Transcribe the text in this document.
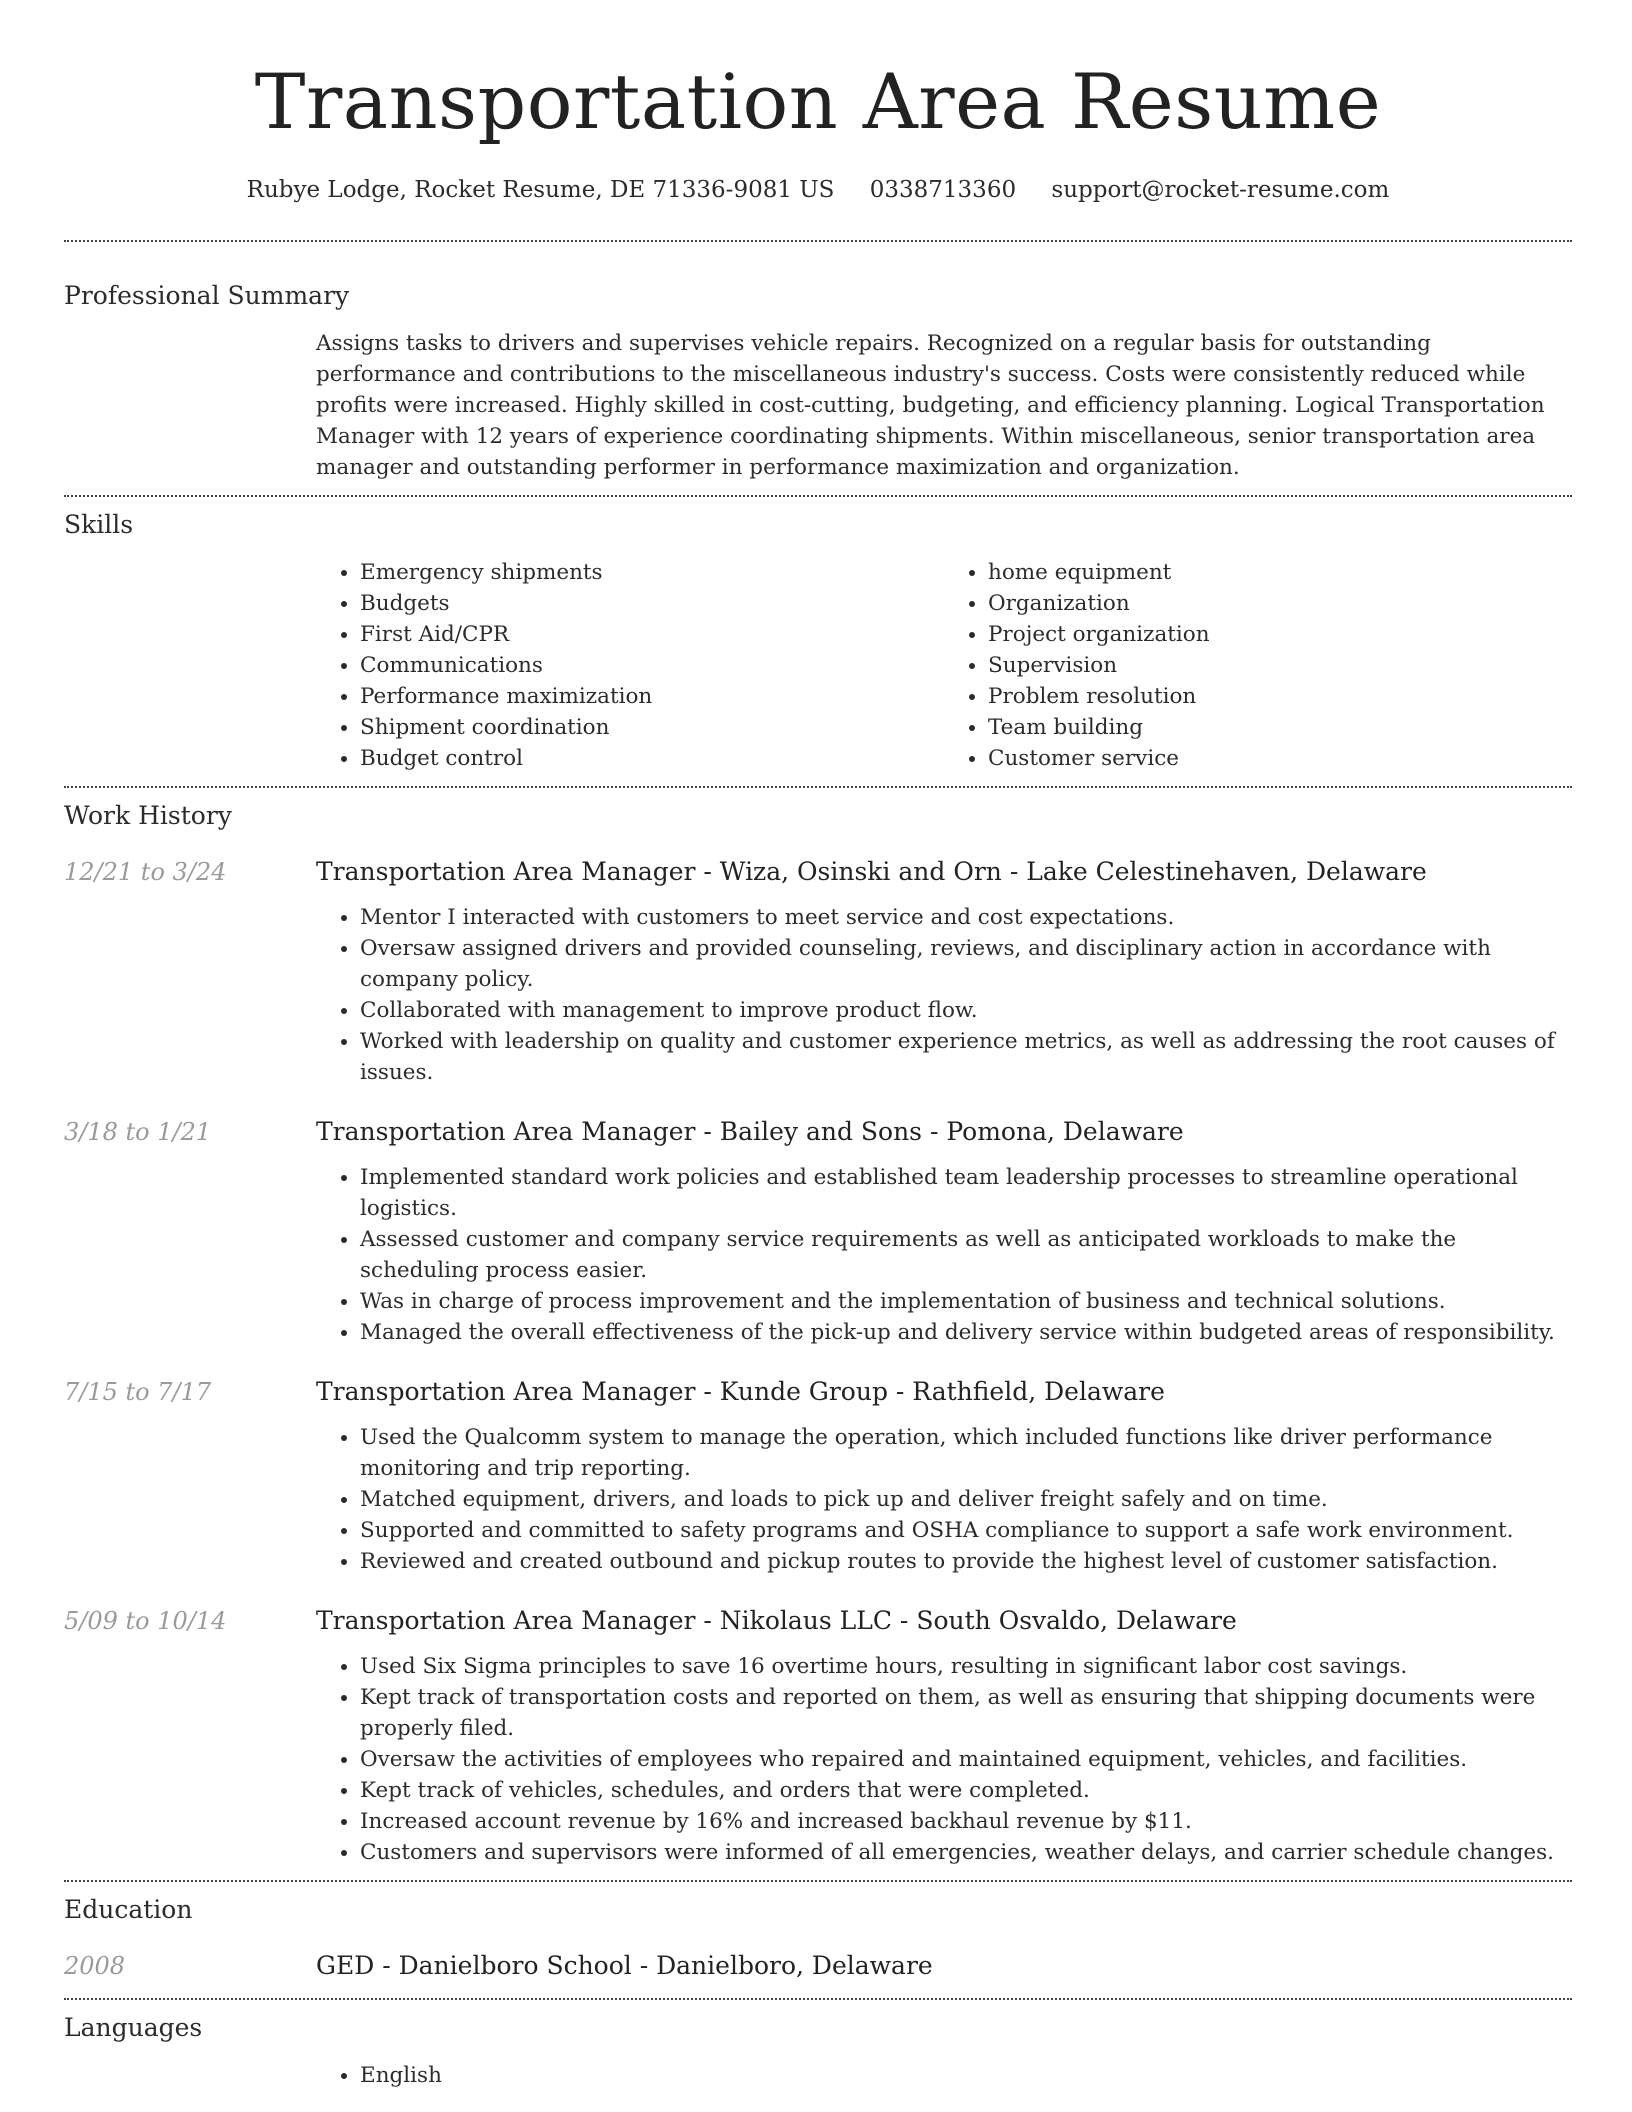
Transportation Area Resume
Rubye Lodge, Rocket Resume, DE 71336-9081 US 0338713360 support@rocket-resume.com
Professional Summary

Assigns tasks to drivers and supervises vehicle repairs. Recognized on a regular basis for outstanding performance and contributions to the miscellaneous industry's success. Costs were consistently reduced while profits were increased. Highly skilled in cost-cutting, budgeting, and efficiency planning. Logical Transportation Manager with 12 years of experience coordinating shipments. Within miscellaneous, senior transportation area manager and outstanding performer in performance maximization and organization.

Skills
• Emergency shipments
• Budgets
• First Aid/CPR
• Communications
• Performance maximization
• Shipment coordination
• Budget control
• home equipment
• Organization
• Project organization
• Supervision
• Problem resolution
• Team building
• Customer service
Work History
12/21 to 3/24	Transportation Area Manager - Wiza, Osinski and Orn - Lake Celestinehaven, Delaware
• Mentor I interacted with customers to meet service and cost expectations.
• Oversaw assigned drivers and provided counseling, reviews, and disciplinary action in accordance with company policy.
• Collaborated with management to improve product flow.
• Worked with leadership on quality and customer experience metrics, as well as addressing the root causes of issues.
3/18 to 1/21	Transportation Area Manager - Bailey and Sons - Pomona, Delaware
• Implemented standard work policies and established team leadership processes to streamline operational logistics.
• Assessed customer and company service requirements as well as anticipated workloads to make the scheduling process easier.
• Was in charge of process improvement and the implementation of business and technical solutions.
• Managed the overall effectiveness of the pick-up and delivery service within budgeted areas of responsibility.
7/15 to 7/17	Transportation Area Manager - Kunde Group - Rathfield, Delaware
• Used the Qualcomm system to manage the operation, which included functions like driver performance monitoring and trip reporting.
• Matched equipment, drivers, and loads to pick up and deliver freight safely and on time.
• Supported and committed to safety programs and OSHA compliance to support a safe work environment.
• Reviewed and created outbound and pickup routes to provide the highest level of customer satisfaction.
5/09 to 10/14	Transportation Area Manager - Nikolaus LLC - South Osvaldo, Delaware
• Used Six Sigma principles to save 16 overtime hours, resulting in significant labor cost savings.
• Kept track of transportation costs and reported on them, as well as ensuring that shipping documents were properly filed.
• Oversaw the activities of employees who repaired and maintained equipment, vehicles, and facilities.
• Kept track of vehicles, schedules, and orders that were completed.
• Increased account revenue by 16% and increased backhaul revenue by $11.
• Customers and supervisors were informed of all emergencies, weather delays, and carrier schedule changes.
Education
2008	GED - Danielboro School - Danielboro, Delaware
Languages
• English
